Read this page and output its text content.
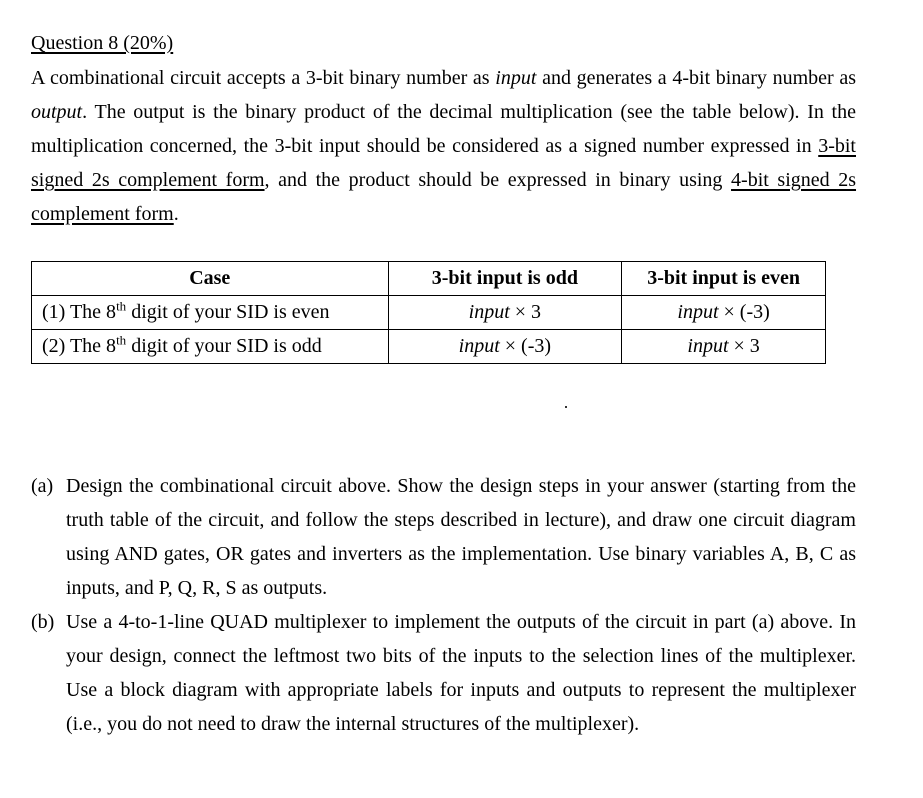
Question 8 (20%)
A combinational circuit accepts a 3-bit binary number as input and generates a 4-bit binary number as output. The output is the binary product of the decimal multiplication (see the table below). In the multiplication concerned, the 3-bit input should be considered as a signed number expressed in 3-bit signed 2s complement form, and the product should be expressed in binary using 4-bit signed 2s complement form.
Case	3-bit input is odd	3-bit input is even
(1) The 8th digit of your SID is even	input × 3	input × (-3)
(2) The 8th digit of your SID is odd	input × (-3)	input × 3
(a) Design the combinational circuit above. Show the design steps in your answer (starting from the truth table of the circuit, and follow the steps described in lecture), and draw one circuit diagram using AND gates, OR gates and inverters as the implementation. Use binary variables A, B, C as inputs, and P, Q, R, S as outputs.
(b) Use a 4-to-1-line QUAD multiplexer to implement the outputs of the circuit in part (a) above. In your design, connect the leftmost two bits of the inputs to the selection lines of the multiplexer. Use a block diagram with appropriate labels for inputs and outputs to represent the multiplexer (i.e., you do not need to draw the internal structures of the multiplexer).
